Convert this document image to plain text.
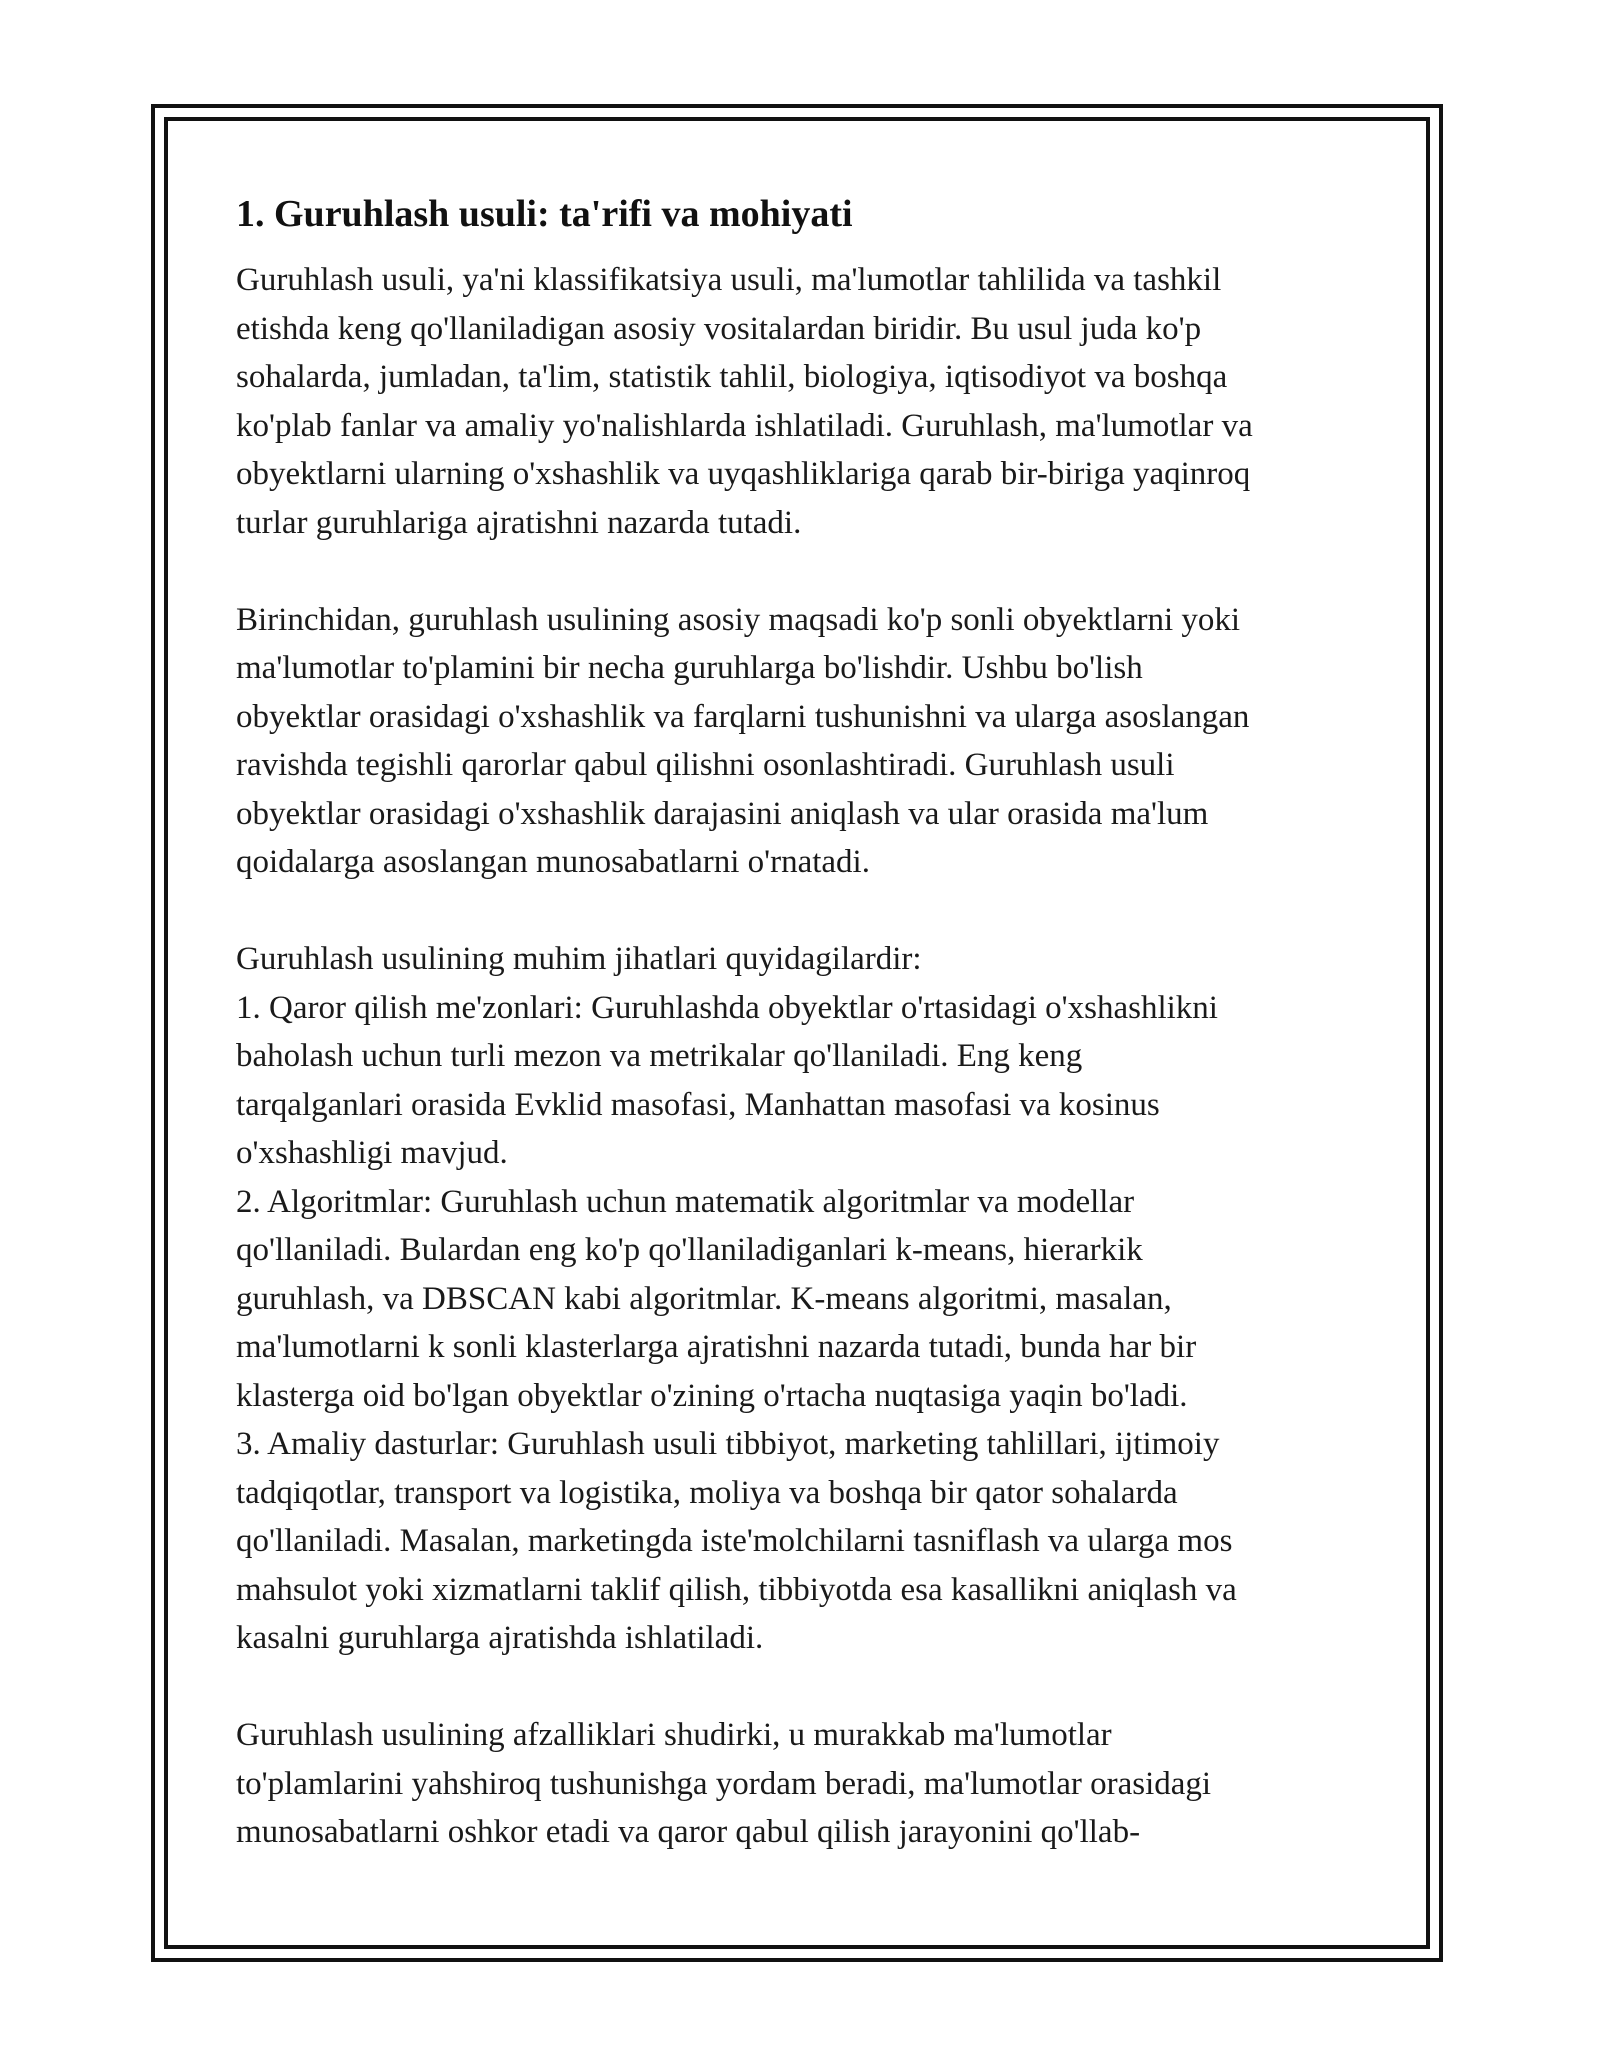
1. Guruhlash usuli: ta'rifi va mohiyati
Guruhlash usuli, ya'ni klassifikatsiya usuli, ma'lumotlar tahlilida va tashkil
etishda keng qo'llaniladigan asosiy vositalardan biridir. Bu usul juda ko'p
sohalarda, jumladan, ta'lim, statistik tahlil, biologiya, iqtisodiyot va boshqa
ko'plab fanlar va amaliy yo'nalishlarda ishlatiladi. Guruhlash, ma'lumotlar va
obyektlarni ularning o'xshashlik va uyqashliklariga qarab bir-biriga yaqinroq
turlar guruhlariga ajratishni nazarda tutadi.
Birinchidan, guruhlash usulining asosiy maqsadi ko'p sonli obyektlarni yoki
ma'lumotlar to'plamini bir necha guruhlarga bo'lishdir. Ushbu bo'lish
obyektlar orasidagi o'xshashlik va farqlarni tushunishni va ularga asoslangan
ravishda tegishli qarorlar qabul qilishni osonlashtiradi. Guruhlash usuli
obyektlar orasidagi o'xshashlik darajasini aniqlash va ular orasida ma'lum
qoidalarga asoslangan munosabatlarni o'rnatadi.
Guruhlash usulining muhim jihatlari quyidagilardir:
1. Qaror qilish me'zonlari: Guruhlashda obyektlar o'rtasidagi o'xshashlikni
baholash uchun turli mezon va metrikalar qo'llaniladi. Eng keng
tarqalganlari orasida Evklid masofasi, Manhattan masofasi va kosinus
o'xshashligi mavjud.
2. Algoritmlar: Guruhlash uchun matematik algoritmlar va modellar
qo'llaniladi. Bulardan eng ko'p qo'llaniladiganlari k-means, hierarkik
guruhlash, va DBSCAN kabi algoritmlar. K-means algoritmi, masalan,
ma'lumotlarni k sonli klasterlarga ajratishni nazarda tutadi, bunda har bir
klasterga oid bo'lgan obyektlar o'zining o'rtacha nuqtasiga yaqin bo'ladi.
3. Amaliy dasturlar: Guruhlash usuli tibbiyot, marketing tahlillari, ijtimoiy
tadqiqotlar, transport va logistika, moliya va boshqa bir qator sohalarda
qo'llaniladi. Masalan, marketingda iste'molchilarni tasniflash va ularga mos
mahsulot yoki xizmatlarni taklif qilish, tibbiyotda esa kasallikni aniqlash va
kasalni guruhlarga ajratishda ishlatiladi.
Guruhlash usulining afzalliklari shudirki, u murakkab ma'lumotlar
to'plamlarini yahshiroq tushunishga yordam beradi, ma'lumotlar orasidagi
munosabatlarni oshkor etadi va qaror qabul qilish jarayonini qo'llab-
